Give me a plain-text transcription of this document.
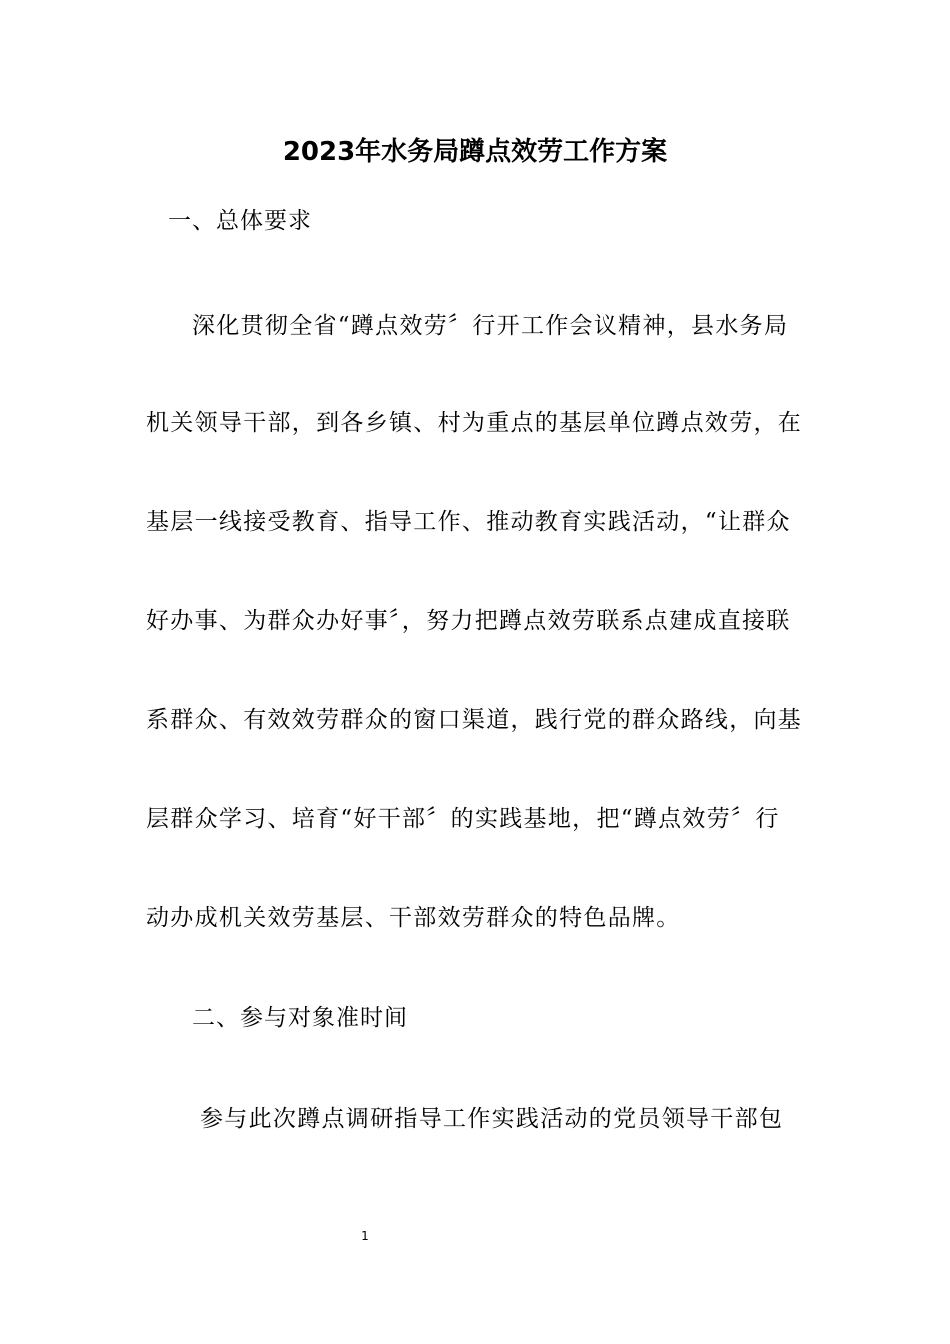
2023年水务局蹲点效劳工作方案
一、总体要求
深化贯彻全省“蹲点效劳〞行开工作会议精神，县水务局
机关领导干部，到各乡镇、村为重点的基层单位蹲点效劳，在
基层一线接受教育、指导工作、推动教育实践活动，“让群众
好办事、为群众办好事〞，努力把蹲点效劳联系点建成直接联
系群众、有效效劳群众的窗口渠道，践行党的群众路线，向基
层群众学习、培育“好干部〞的实践基地，把“蹲点效劳〞行
动办成机关效劳基层、干部效劳群众的特色品牌。
二、参与对象准时间
参与此次蹲点调研指导工作实践活动的党员领导干部包
1
